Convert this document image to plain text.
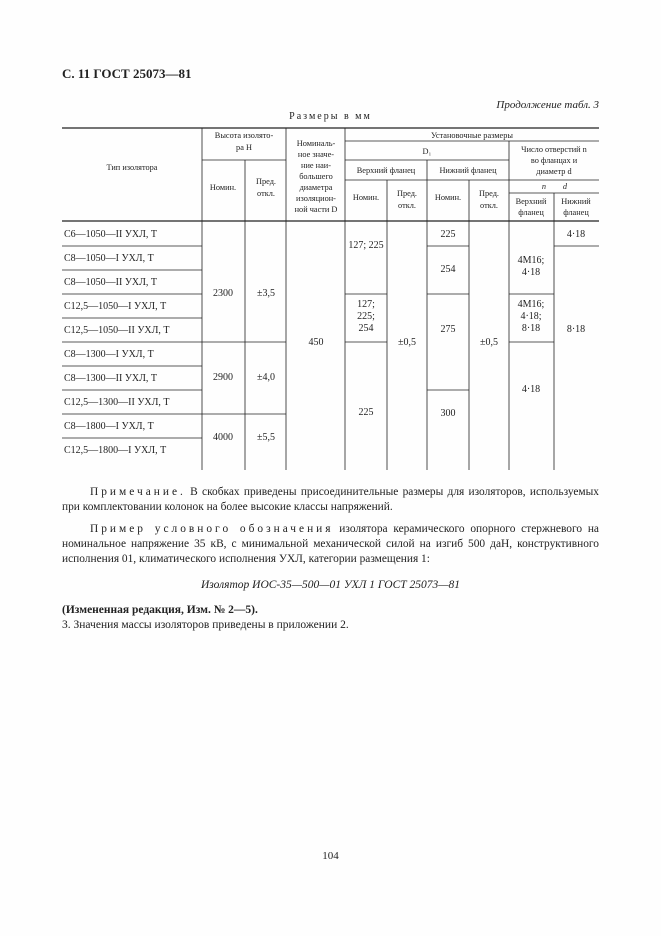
С. 11 ГОСТ 25073—81
Продолжение табл. 3
Размеры в мм
Тип изолятора
Высота изолято-
ра H
Номин.
Пред.
откл.
Номиналь-
ное значе-
ние наи-
большего
диаметра
изоляцион-
ной части D
Установочные размеры
D₁
Верхний фланец	Нижний фланец
Номин. Пред.
откл.
Номин. Пред.
откл.
Число отверстий n
во фланцах и
диаметр d
n d
Верхний
фланец
Нижний
фланец
С6—1050—II УХЛ, Т
С8—1050—I УХЛ, Т
С8—1050—II УХЛ, Т
С12,5—1050—I УХЛ, Т
С12,5—1050—II УХЛ, Т
С8—1300—I УХЛ, Т
С8—1300—II УХЛ, Т
С12,5—1300—II УХЛ, Т
С8—1800—I УХЛ, Т
С12,5—1800—I УХЛ, Т
2300 ±3,5
2900 ±4,0
4000 ±5,5
450
127; 225
127;
225;
254
225
±0,5
225
254
275
300
±0,5
4М16;
4·18
4М16;
4·18;
8·18
4·18
4·18
8·18
Примечание. В скобках приведены присоединительные размеры для изоляторов, используемых при комплектовании колонок на более высокие классы напряжений.
Пример условного обозначения изолятора керамического опорного стержневого на номинальное напряжение 35 кВ, с минимальной механической силой на изгиб 500 даН, конструктивного исполнения 01, климатического исполнения УХЛ, категории размещения 1:
Изолятор ИОС-35—500—01 УХЛ 1 ГОСТ 25073—81
(Измененная редакция, Изм. № 2—5).
3. Значения массы изоляторов приведены в приложении 2.
104
